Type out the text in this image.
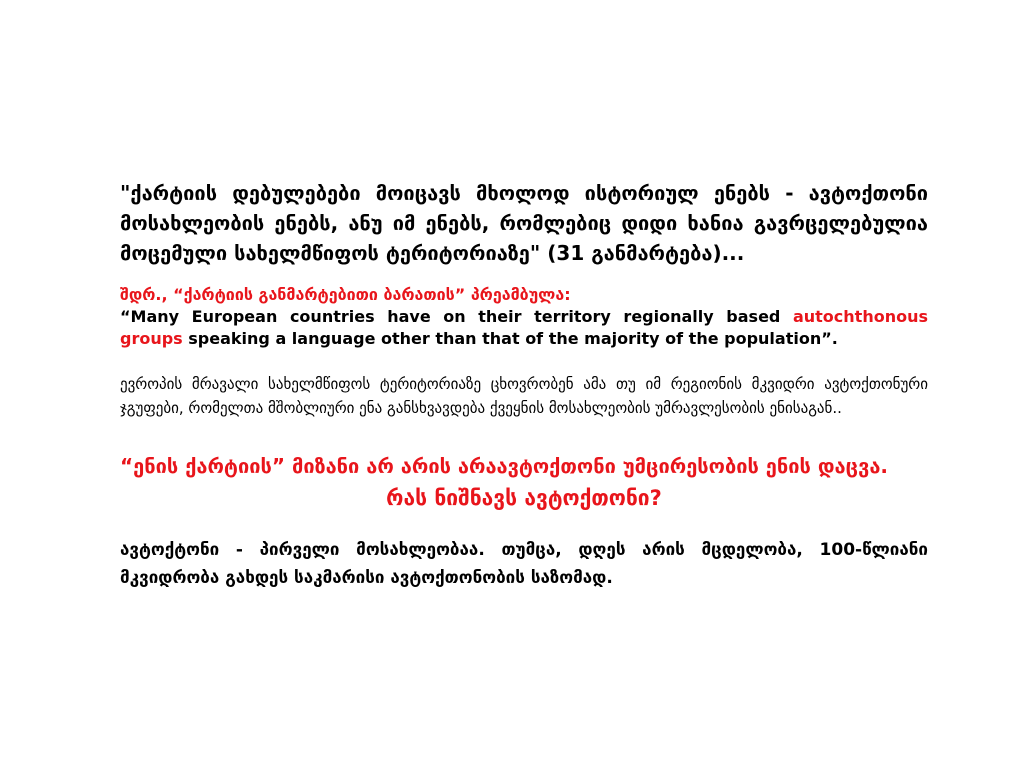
"ქარტიის დებულებები მოიცავს მხოლოდ ისტორიულ ენებს - ავტოქთონი მოსახლეობის ენებს, ანუ იმ ენებს, რომლებიც დიდი ხანია გავრცელებულია მოცემული სახელმწიფოს ტერიტორიაზე" (31 განმარტება)...

შდრ., “ქარტიის განმარტებითი ბარათის” პრეამბულა:

“Many European countries have on their territory regionally based autochthonous groups speaking a language other than that of the majority of the population”.

ევროპის მრავალი სახელმწიფოს ტერიტორიაზე ცხოვრობენ ამა თუ იმ რეგიონის მკვიდრი ავტოქთონური ჯგუფები, რომელთა მშობლიური ენა განსხვავდება ქვეყნის მოსახლეობის უმრავლესობის ენისაგან..

“ენის ქარტიის” მიზანი არ არის არაავტოქთონი უმცირესობის ენის დაცვა.

რას ნიშნავს ავტოქთონი?

ავტოქტონი - პირველი მოსახლეობაა. თუმცა, დღეს არის მცდელობა, 100-წლიანი მკვიდრობა გახდეს საკმარისი ავტოქთონობის საზომად.
